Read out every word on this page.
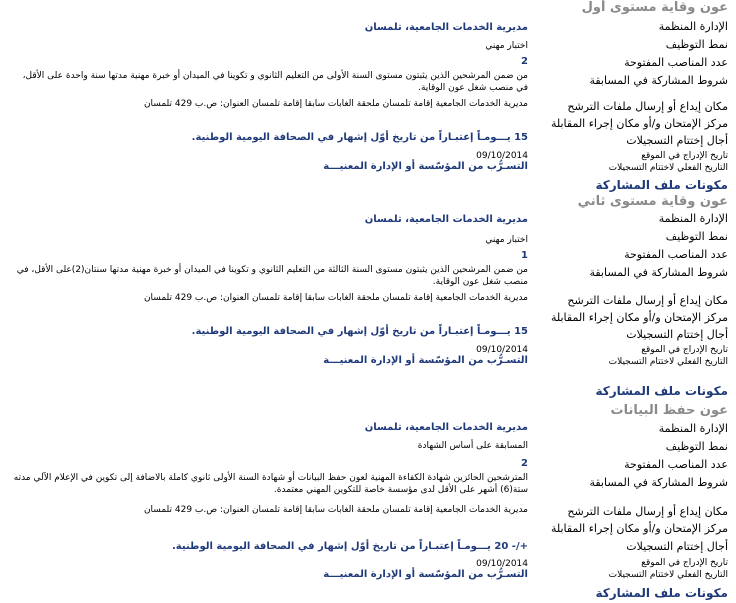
عون وقاية مستوى أول
الإدارة المنظمة
مديرية الخدمات الجامعية، تلمسان
نمط التوظيف
اختبار مهني
عدد المناصب المفتوحة
2
شروط المشاركة في المسابقة
من ضمن المرشحين الذين يثبتون مستوى السنة الأولى من التعليم الثانوي و تكوينا في الميدان أو خبرة مهنية مدتها سنة واحدة على الأقل، في منصب شغل عون الوقاية.
مكان إيداع أو إرسال ملفات الترشح
مديرية الخدمات الجامعية إقامة تلمسان ملحقة الغابات سابقا إقامة تلمسان العنوان: ص.ب 429 تلمسان
مركز الإمتحان و/أو مكان إجراء المقابلة
أجال إختتام التسجيلات
15 يـــومـاً إعتبـاراً من تاريخ أوّل إشهار في الصحافة اليومية الوطنية.
تاريخ الإدراج في الموقع
09/10/2014
التاريخ الفعلي لاختتام التسجيلات
التسـرُّب من المؤسّسة أو الإدارة المعنيـــة
مكونات ملف المشاركة
عون وقاية مستوى ثاني
الإدارة المنظمة
مديرية الخدمات الجامعية، تلمسان
نمط التوظيف
اختبار مهني
عدد المناصب المفتوحة
1
شروط المشاركة في المسابقة
من ضمن المرشحين الذين يثبتون مستوى السنة الثالثة من التعليم الثانوي و تكوينا في الميدان أو خبرة مهنية مدتها سنتان(2)على الأقل، في منصب شغل عون الوقاية.
مكان إيداع أو إرسال ملفات الترشح
مديرية الخدمات الجامعية إقامة تلمسان ملحقة الغابات سابقا إقامة تلمسان العنوان: ص.ب 429 تلمسان
مركز الإمتحان و/أو مكان إجراء المقابلة
أجال إختتام التسجيلات
15 يـــومـاً إعتبـاراً من تاريخ أوّل إشهار في الصحافة اليومية الوطنية.
تاريخ الإدراج في الموقع
09/10/2014
التاريخ الفعلي لاختتام التسجيلات
التسـرُّب من المؤسّسة أو الإدارة المعنيـــة
مكونات ملف المشاركة
عون حفظ البيانات
الإدارة المنظمة
مديرية الخدمات الجامعية، تلمسان
نمط التوظيف
المسابقة على أساس الشهادة
عدد المناصب المفتوحة
2
شروط المشاركة في المسابقة
المترشحين الحائزين شهادة الكفاءة المهنية لعون حفظ البيانات أو شهادة السنة الأولى ثانوي كاملة بالاضافة إلى تكوين في الإعلام الآلي مدته ستة(6) أشهر على الأقل لدى مؤسسة خاصة للتكوين المهني معتمدة.
مكان إيداع أو إرسال ملفات الترشح
مديرية الخدمات الجامعية إقامة تلمسان ملحقة الغابات سابقا إقامة تلمسان العنوان: ص.ب 429 تلمسان
مركز الإمتحان و/أو مكان إجراء المقابلة
أجال إختتام التسجيلات
+/- 20 يـــومـاً إعتبـاراً من تاريخ أوّل إشهار في الصحافة اليومية الوطنية.
تاريخ الإدراج في الموقع
09/10/2014
التاريخ الفعلي لاختتام التسجيلات
التسـرُّب من المؤسّسة أو الإدارة المعنيـــة
مكونات ملف المشاركة
